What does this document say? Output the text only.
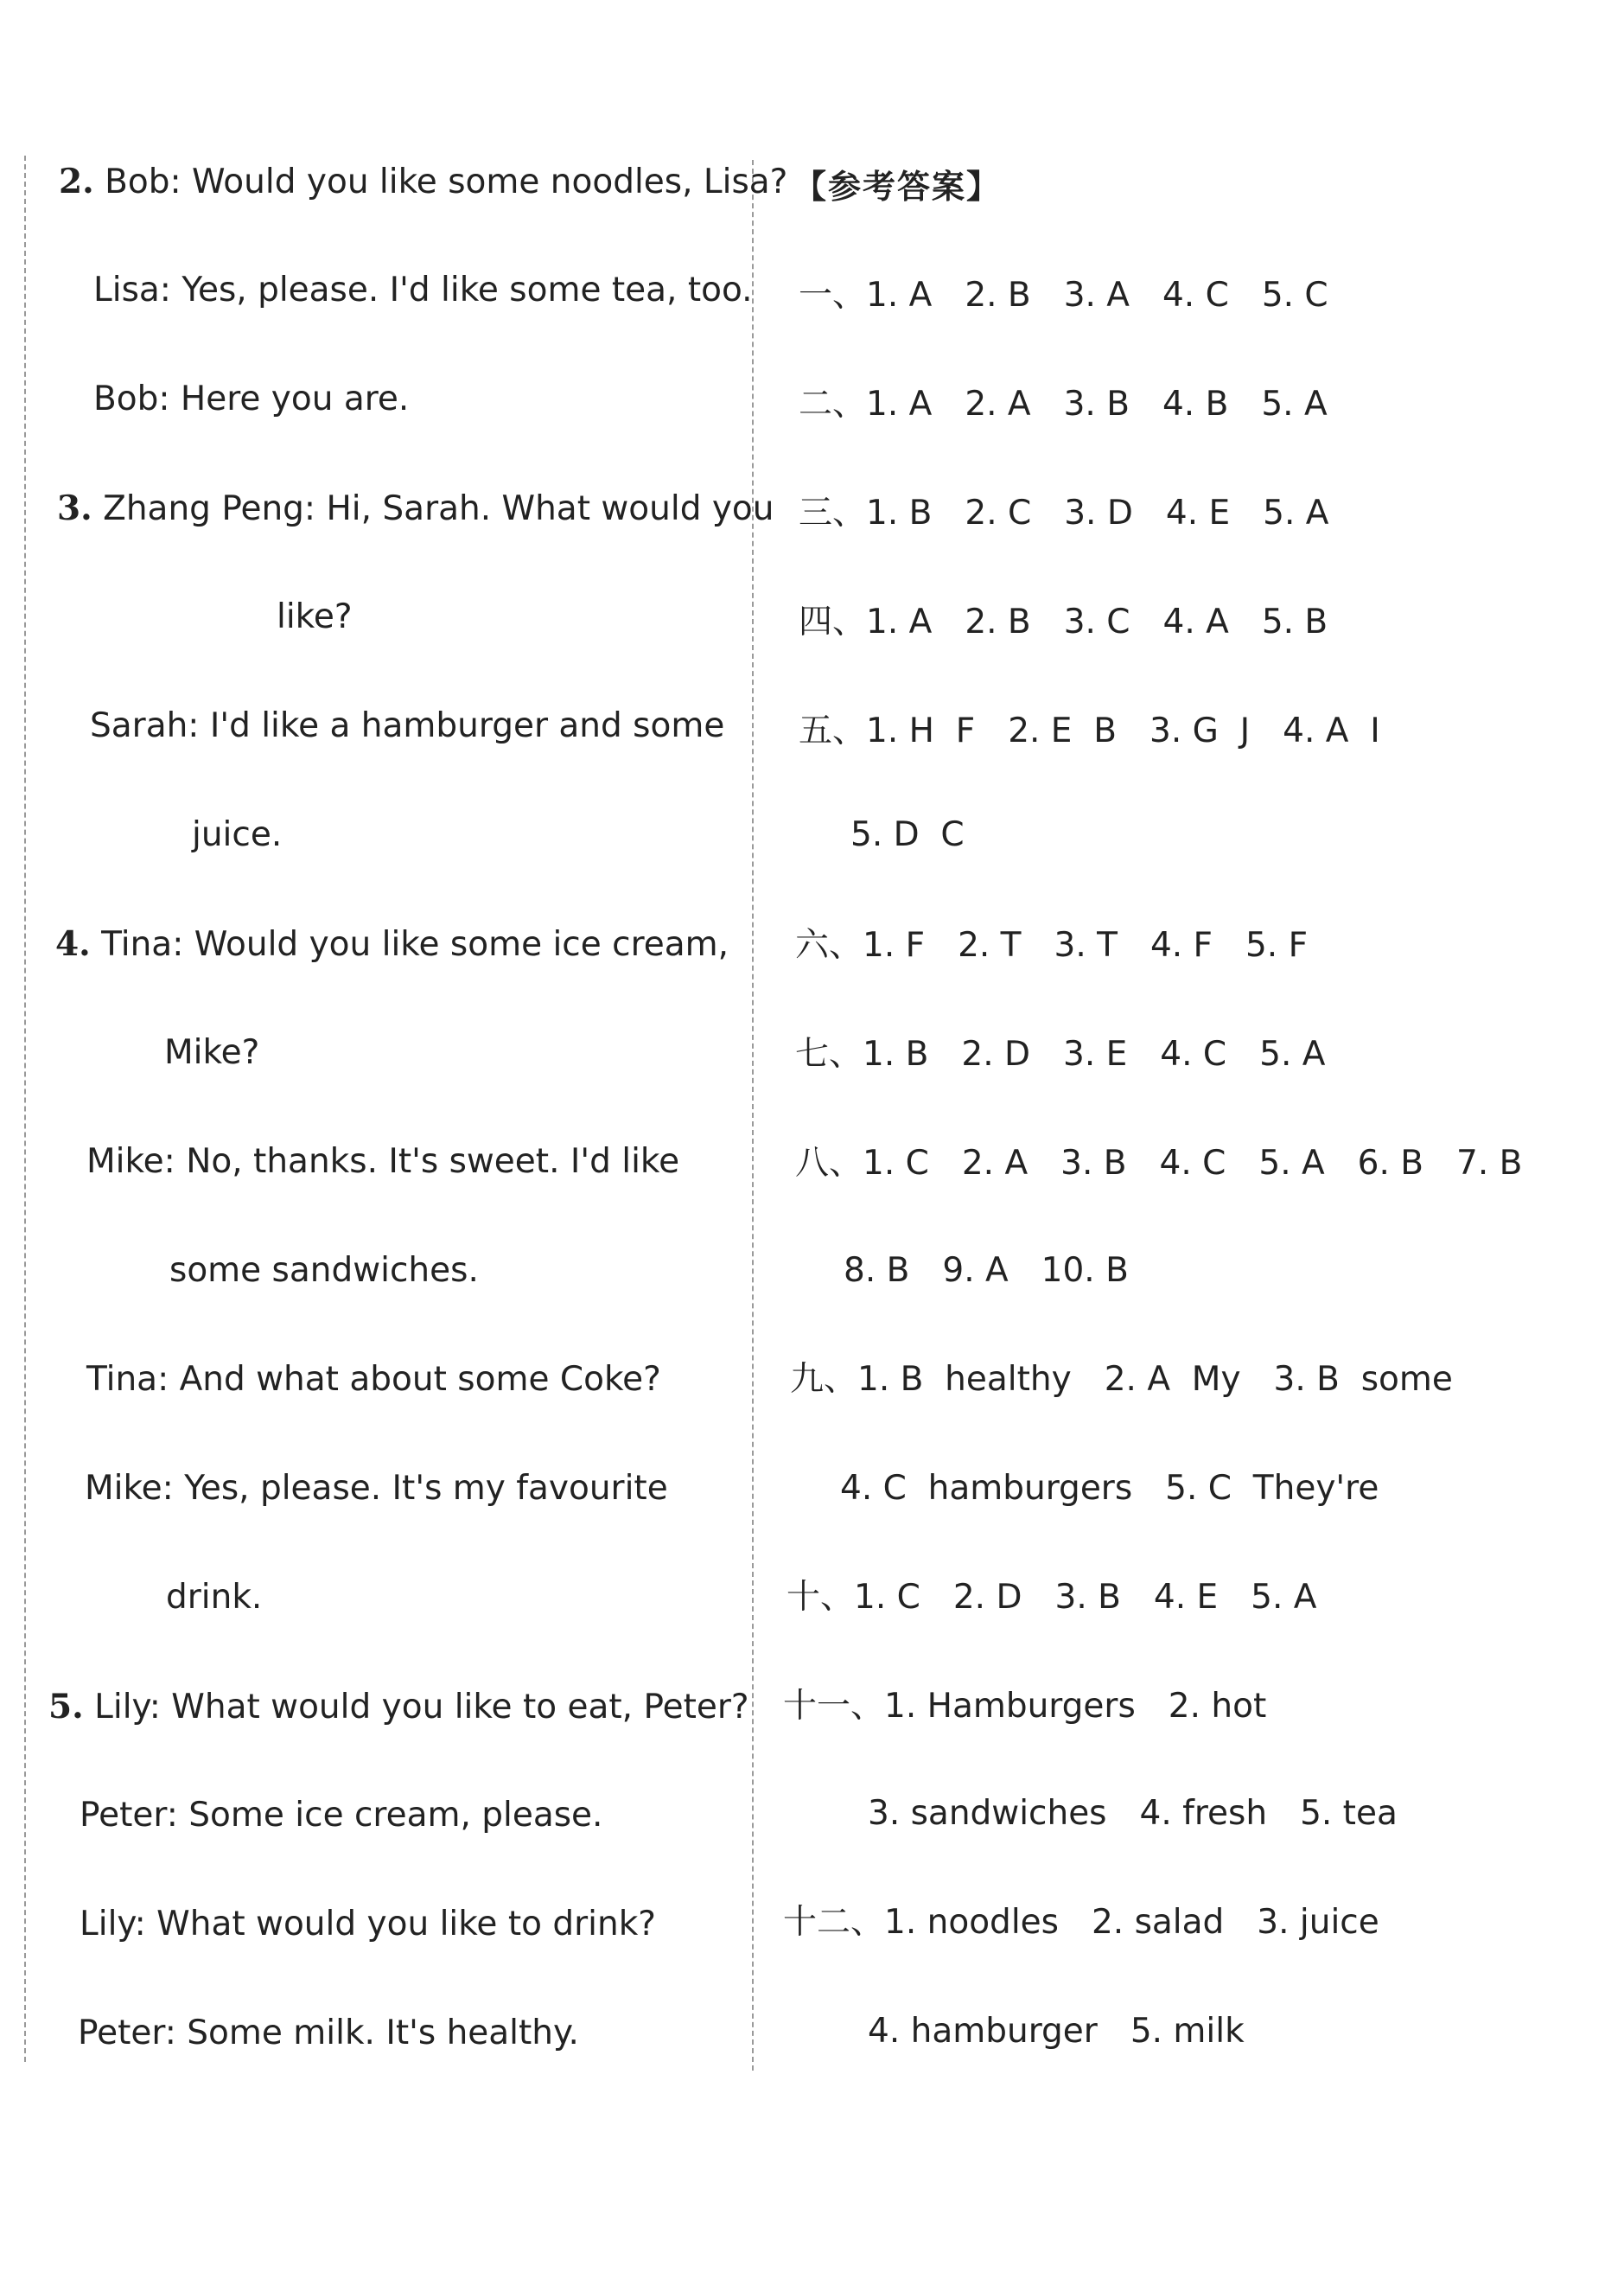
2. Bob: Would you like some noodles, Lisa?
Lisa: Yes, please. I'd like some tea, too.
Bob: Here you are.
3. Zhang Peng: Hi, Sarah. What would you
like?
Sarah: I'd like a hamburger and some
juice.
4. Tina: Would you like some ice cream,
Mike?
Mike: No, thanks. It's sweet. I'd like
some sandwiches.
Tina: And what about some Coke?
Mike: Yes, please. It's my favourite
drink.
5. Lily: What would you like to eat, Peter?
Peter: Some ice cream, please.
Lily: What would you like to drink?
Peter: Some milk. It's healthy.
【参考答案】
一、1. A 2. B 3. A 4. C 5. C
二、1. A 2. A 3. B 4. B 5. A
三、1. B 2. C 3. D 4. E 5. A
四、1. A 2. B 3. C 4. A 5. B
五、1. H  F 2. E  B 3. G  J 4. A  I
5. D  C
六、1. F 2. T 3. T 4. F 5. F
七、1. B 2. D 3. E 4. C 5. A
八、1. C 2. A 3. B 4. C 5. A 6. B 7. B
8. B 9. A 10. B
九、1. B  healthy 2. A  My 3. B  some
4. C  hamburgers 5. C  They're
十、1. C 2. D 3. B 4. E 5. A
十一、1. Hamburgers 2. hot
3. sandwiches 4. fresh 5. tea
十二、1. noodles 2. salad 3. juice
4. hamburger 5. milk
